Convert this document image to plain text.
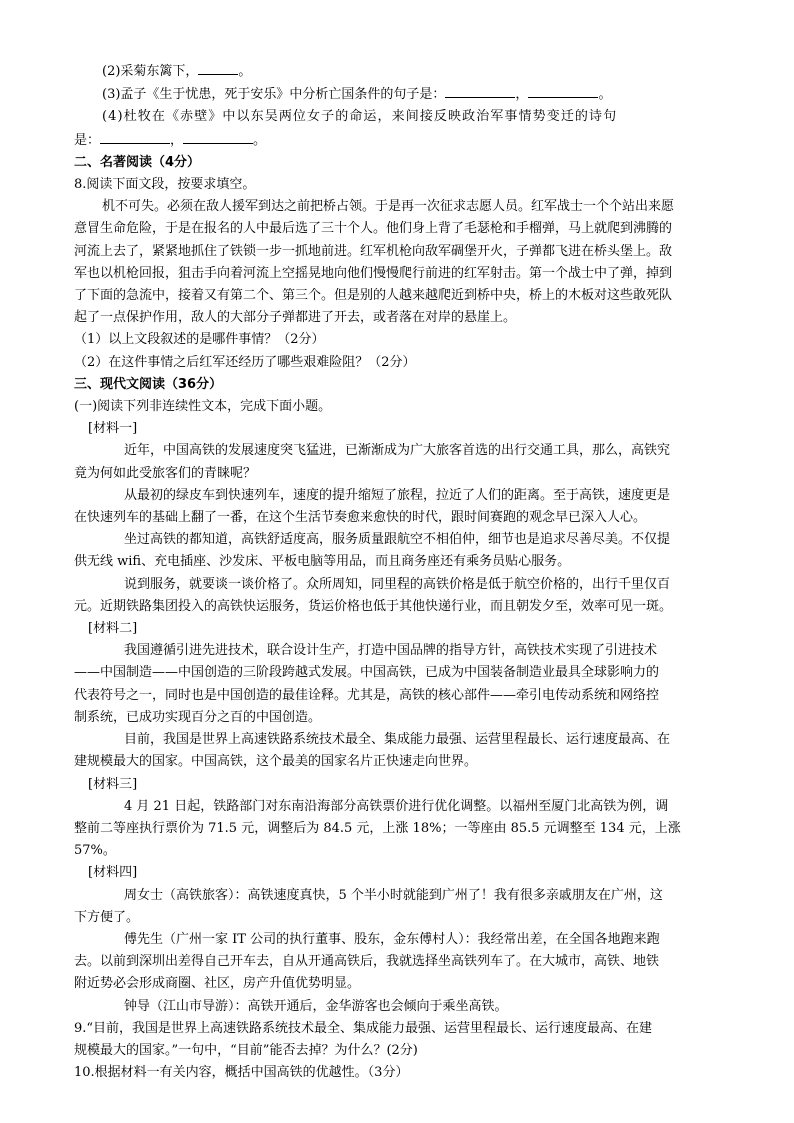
(2)采菊东篱下，	。
(3)孟子《生于忧患，死于安乐》中分析亡国条件的句子是：	，	。
(4)杜牧在《赤壁》中以东吴两位女子的命运，来间接反映政治军事情势变迁的诗句
是：	，	。
二、名著阅读（4分）
8.阅读下面文段，按要求填空。
机不可失。必须在敌人援军到达之前把桥占领。于是再一次征求志愿人员。红军战士一个个站出来愿
意冒生命危险，于是在报名的人中最后选了三十个人。他们身上背了毛瑟枪和手榴弹，马上就爬到沸腾的
河流上去了，紧紧地抓住了铁锁一步一抓地前进。红军机枪向敌军碉堡开火，子弹都飞进在桥头堡上。敌
军也以机枪回报，狙击手向着河流上空摇晃地向他们慢慢爬行前进的红军射击。第一个战士中了弹，掉到
了下面的急流中，接着又有第二个、第三个。但是别的人越来越爬近到桥中央，桥上的木板对这些敢死队
起了一点保护作用，敌人的大部分子弹都进了开去，或者落在对岸的悬崖上。
（1）以上文段叙述的是哪件事情？（2分）
（2）在这件事情之后红军还经历了哪些艰难险阻？（2分）
三、现代文阅读（36分）
(一)阅读下列非连续性文本，完成下面小题。
[材料一]
近年，中国高铁的发展速度突飞猛进，已渐渐成为广大旅客首选的出行交通工具，那么，高铁究
竟为何如此受旅客们的青睐呢？
从最初的绿皮车到快速列车，速度的提升缩短了旅程，拉近了人们的距离。至于高铁，速度更是
在快速列车的基础上翻了一番，在这个生活节奏愈来愈快的时代，跟时间赛跑的观念早已深入人心。
坐过高铁的都知道，高铁舒适度高，服务质量跟航空不相伯仲，细节也是追求尽善尽美。不仅提
供无线 wifi、充电插座、沙发床、平板电脑等用品，而且商务座还有乘务员贴心服务。
说到服务，就要谈一谈价格了。众所周知，同里程的高铁价格是低于航空价格的，出行千里仅百
元。近期铁路集团投入的高铁快运服务，货运价格也低于其他快递行业，而且朝发夕至，效率可见一斑。
[材料二]
我国遵循引进先进技术，联合设计生产，打造中国品牌的指导方针，高铁技术实现了引进技术
——中国制造——中国创造的三阶段跨越式发展。中国高铁，已成为中国装备制造业最具全球影响力的
代表符号之一，同时也是中国创造的最佳诠释。尤其是，高铁的核心部件——牵引电传动系统和网络控
制系统，已成功实现百分之百的中国创造。
目前，我国是世界上高速铁路系统技术最全、集成能力最强、运营里程最长、运行速度最高、在
建规模最大的国家。中国高铁，这个最美的国家名片正快速走向世界。
[材料三]
4 月 21 日起，铁路部门对东南沿海部分高铁票价进行优化调整。以福州至厦门北高铁为例，调
整前二等座执行票价为 71.5 元，调整后为 84.5 元，上涨 18%；一等座由 85.5 元调整至 134 元，上涨
57%。
[材料四]
周女士（高铁旅客）：高铁速度真快，5 个半小时就能到广州了！我有很多亲戚朋友在广州，这
下方便了。
傅先生（广州一家 IT 公司的执行董事、股东，金东傅村人）：我经常出差，在全国各地跑来跑
去。以前到深圳出差得自己开车去，自从开通高铁后，我就选择坐高铁列车了。在大城市，高铁、地铁
附近势必会形成商圈、社区，房产升值优势明显。
钟导（江山市导游）：高铁开通后，金华游客也会倾向于乘坐高铁。
9.“目前，我国是世界上高速铁路系统技术最全、集成能力最强、运营里程最长、运行速度最高、在建
规模最大的国家。”一句中，“目前”能否去掉？为什么？(2分)
10.根据材料一有关内容，概括中国高铁的优越性。（3分）
